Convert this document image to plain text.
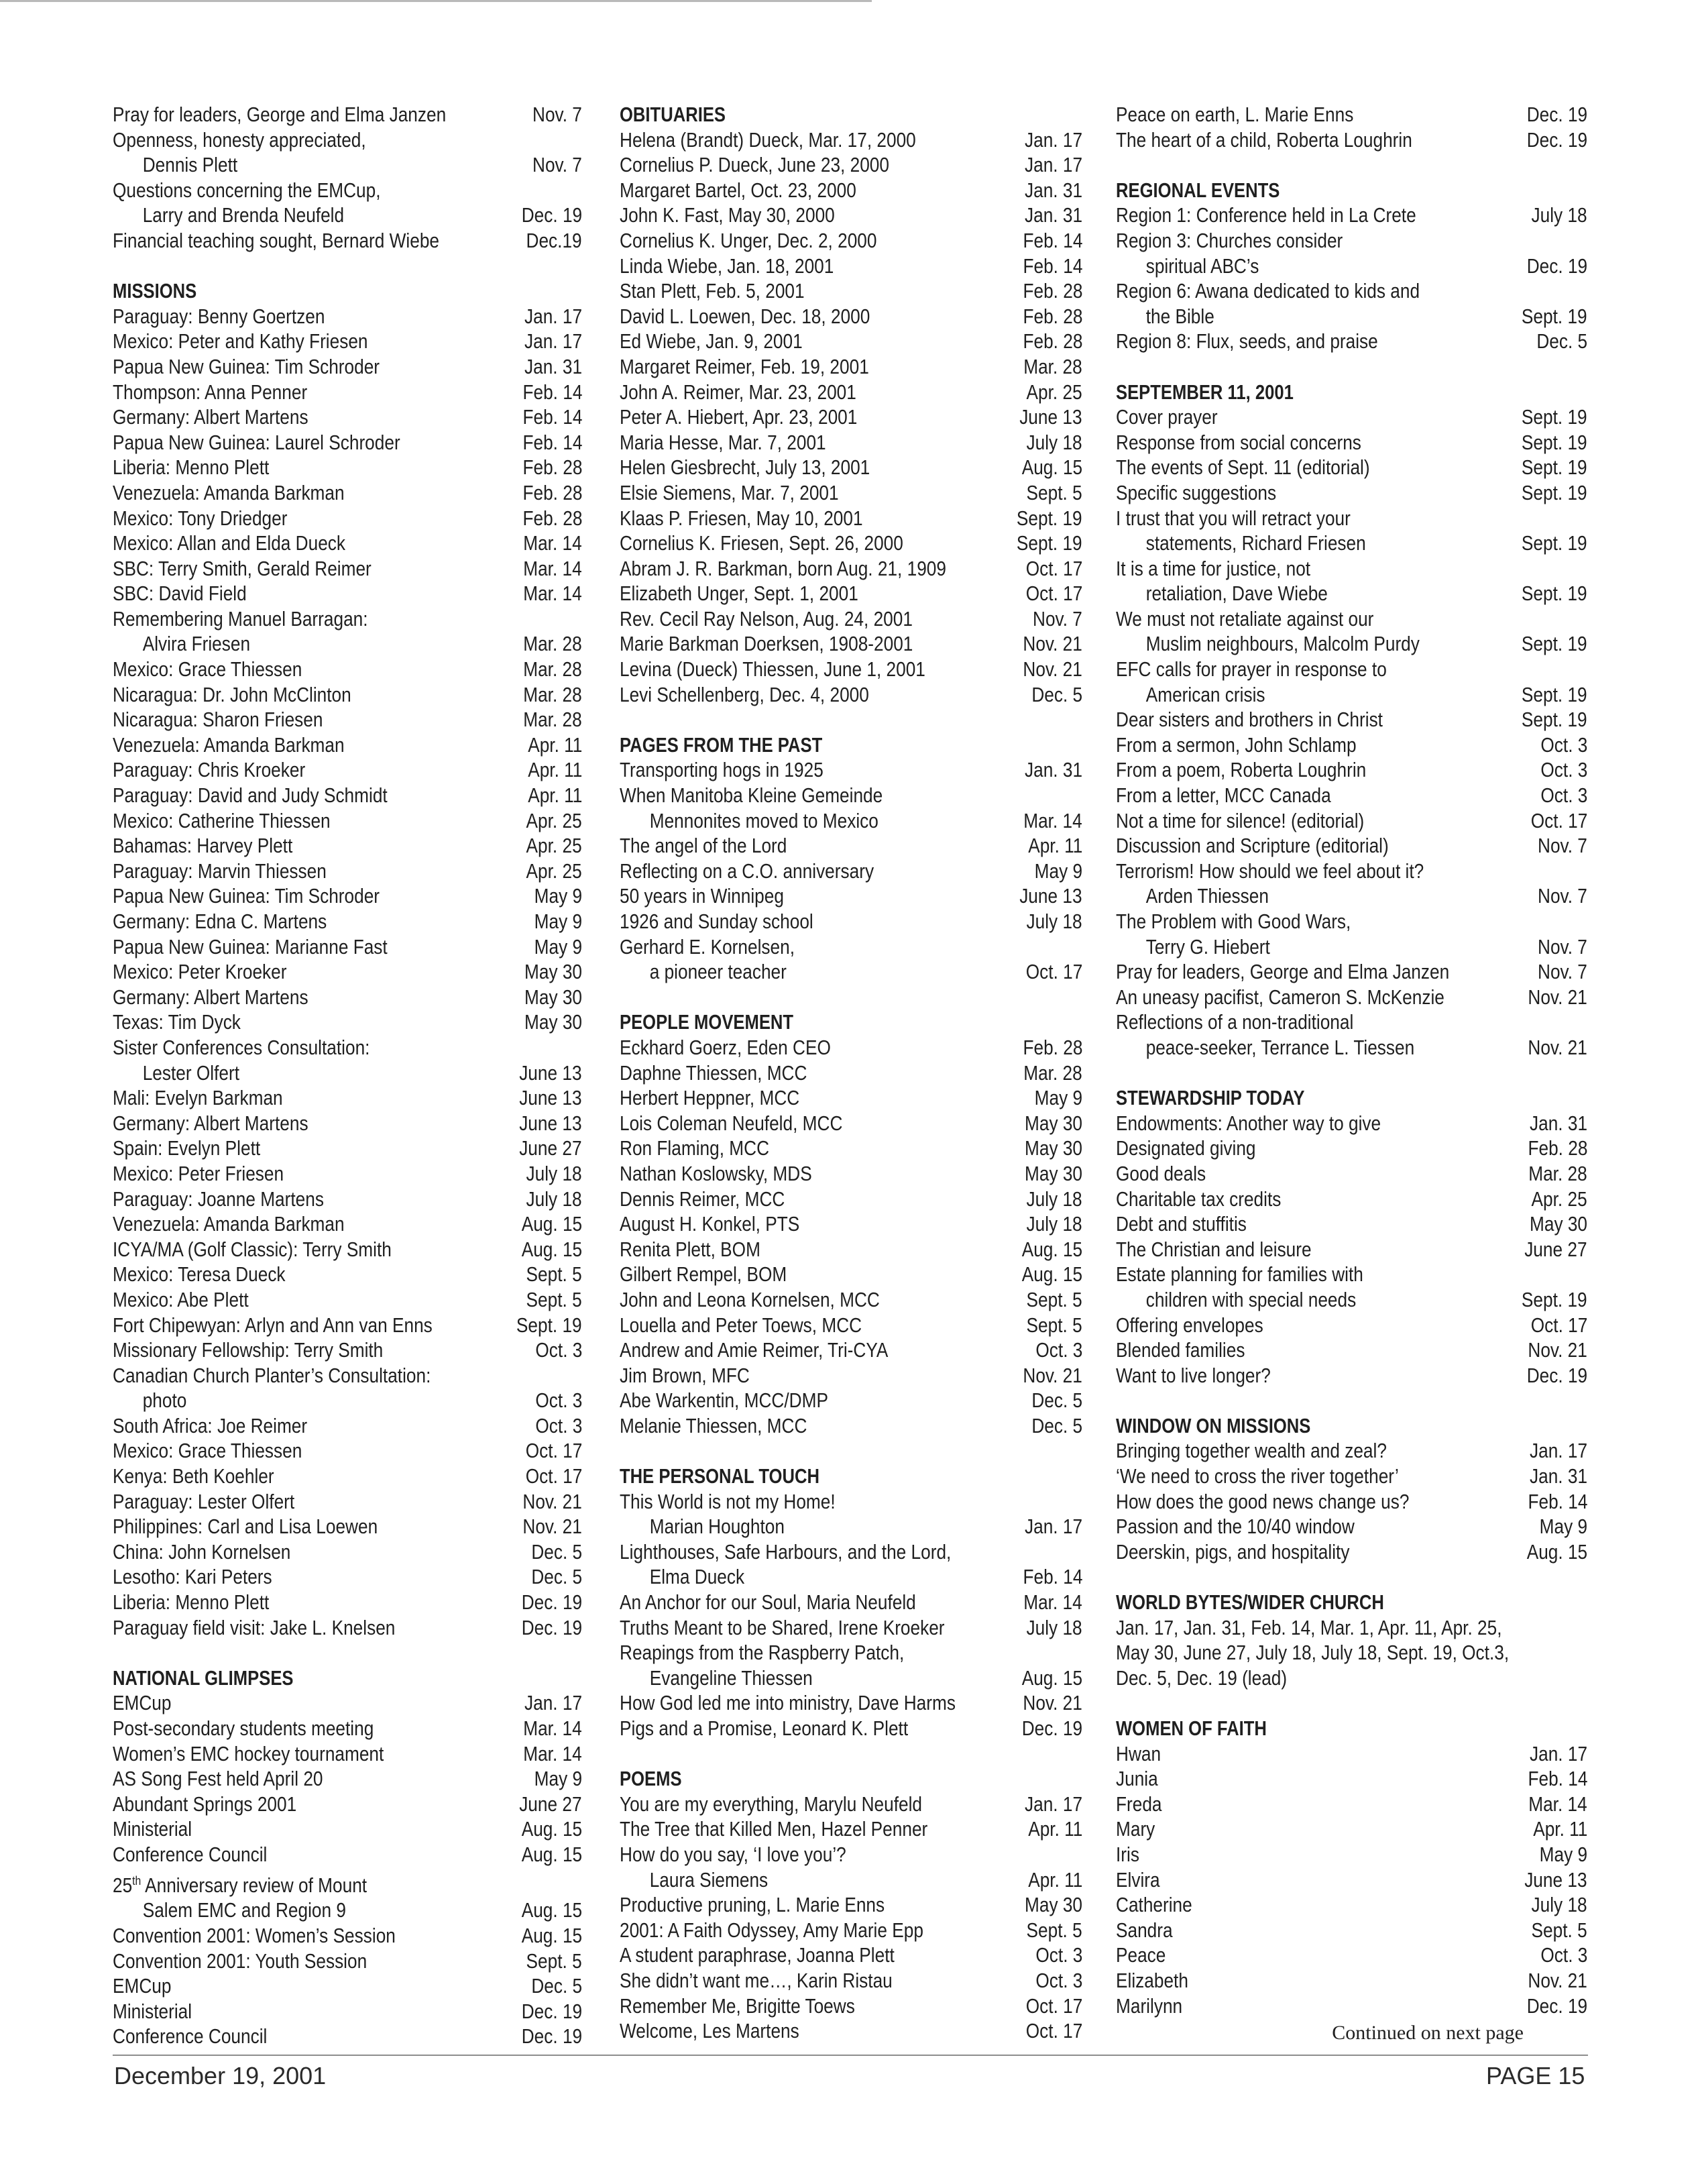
Pray for leaders, George and Elma Janzen	Nov. 7
Openness, honesty appreciated,
Dennis Plett	Nov. 7
Questions concerning the EMCup,
Larry and Brenda Neufeld	Dec. 19
Financial teaching sought, Bernard Wiebe	Dec.19
MISSIONS
Paraguay: Benny Goertzen	Jan. 17
Mexico: Peter and Kathy Friesen	Jan. 17
Papua New Guinea: Tim Schroder	Jan. 31
Thompson: Anna Penner	Feb. 14
Germany: Albert Martens	Feb. 14
Papua New Guinea: Laurel Schroder	Feb. 14
Liberia: Menno Plett	Feb. 28
Venezuela: Amanda Barkman	Feb. 28
Mexico: Tony Driedger	Feb. 28
Mexico: Allan and Elda Dueck	Mar. 14
SBC: Terry Smith, Gerald Reimer	Mar. 14
SBC: David Field	Mar. 14
Remembering Manuel Barragan:
Alvira Friesen	Mar. 28
Mexico: Grace Thiessen	Mar. 28
Nicaragua: Dr. John McClinton	Mar. 28
Nicaragua: Sharon Friesen	Mar. 28
Venezuela: Amanda Barkman	Apr. 11
Paraguay: Chris Kroeker	Apr. 11
Paraguay: David and Judy Schmidt	Apr. 11
Mexico: Catherine Thiessen	Apr. 25
Bahamas: Harvey Plett	Apr. 25
Paraguay: Marvin Thiessen	Apr. 25
Papua New Guinea: Tim Schroder	May 9
Germany: Edna C. Martens	May 9
Papua New Guinea: Marianne Fast	May 9
Mexico: Peter Kroeker	May 30
Germany: Albert Martens	May 30
Texas: Tim Dyck	May 30
Sister Conferences Consultation:
Lester Olfert	June 13
Mali: Evelyn Barkman	June 13
Germany: Albert Martens	June 13
Spain: Evelyn Plett	June 27
Mexico: Peter Friesen	July 18
Paraguay: Joanne Martens	July 18
Venezuela: Amanda Barkman	Aug. 15
ICYA/MA (Golf Classic): Terry Smith	Aug. 15
Mexico: Teresa Dueck	Sept. 5
Mexico: Abe Plett	Sept. 5
Fort Chipewyan: Arlyn and Ann van Enns	Sept. 19
Missionary Fellowship: Terry Smith	Oct. 3
Canadian Church Planter’s Consultation:
photo	Oct. 3
South Africa: Joe Reimer	Oct. 3
Mexico: Grace Thiessen	Oct. 17
Kenya: Beth Koehler	Oct. 17
Paraguay: Lester Olfert	Nov. 21
Philippines: Carl and Lisa Loewen	Nov. 21
China: John Kornelsen	Dec. 5
Lesotho: Kari Peters	Dec. 5
Liberia: Menno Plett	Dec. 19
Paraguay field visit: Jake L. Knelsen	Dec. 19
NATIONAL GLIMPSES
EMCup	Jan. 17
Post-secondary students meeting	Mar. 14
Women’s EMC hockey tournament	Mar. 14
AS Song Fest held April 20	May 9
Abundant Springs 2001	June 27
Ministerial	Aug. 15
Conference Council	Aug. 15
25th Anniversary review of Mount
Salem EMC and Region 9	Aug. 15
Convention 2001: Women’s Session	Aug. 15
Convention 2001: Youth Session	Sept. 5
EMCup	Dec. 5
Ministerial	Dec. 19
Conference Council	Dec. 19
OBITUARIES
Helena (Brandt) Dueck, Mar. 17, 2000	Jan. 17
Cornelius P. Dueck, June 23, 2000	Jan. 17
Margaret Bartel, Oct. 23, 2000	Jan. 31
John K. Fast, May 30, 2000	Jan. 31
Cornelius K. Unger, Dec. 2, 2000	Feb. 14
Linda Wiebe, Jan. 18, 2001	Feb. 14
Stan Plett, Feb. 5, 2001	Feb. 28
David L. Loewen, Dec. 18, 2000	Feb. 28
Ed Wiebe, Jan. 9, 2001	Feb. 28
Margaret Reimer, Feb. 19, 2001	Mar. 28
John A. Reimer, Mar. 23, 2001	Apr. 25
Peter A. Hiebert, Apr. 23, 2001	June 13
Maria Hesse, Mar. 7, 2001	July 18
Helen Giesbrecht, July 13, 2001	Aug. 15
Elsie Siemens, Mar. 7, 2001	Sept. 5
Klaas P. Friesen, May 10, 2001	Sept. 19
Cornelius K. Friesen, Sept. 26, 2000	Sept. 19
Abram J. R. Barkman, born Aug. 21, 1909	Oct. 17
Elizabeth Unger, Sept. 1, 2001	Oct. 17
Rev. Cecil Ray Nelson, Aug. 24, 2001	Nov. 7
Marie Barkman Doerksen, 1908-2001	Nov. 21
Levina (Dueck) Thiessen, June 1, 2001	Nov. 21
Levi Schellenberg, Dec. 4, 2000	Dec. 5
PAGES FROM THE PAST
Transporting hogs in 1925	Jan. 31
When Manitoba Kleine Gemeinde
Mennonites moved to Mexico	Mar. 14
The angel of the Lord	Apr. 11
Reflecting on a C.O. anniversary	May 9
50 years in Winnipeg	June 13
1926 and Sunday school	July 18
Gerhard E. Kornelsen,
a pioneer teacher	Oct. 17
PEOPLE MOVEMENT
Eckhard Goerz, Eden CEO	Feb. 28
Daphne Thiessen, MCC	Mar. 28
Herbert Heppner, MCC	May 9
Lois Coleman Neufeld, MCC	May 30
Ron Flaming, MCC	May 30
Nathan Koslowsky, MDS	May 30
Dennis Reimer, MCC	July 18
August H. Konkel, PTS	July 18
Renita Plett, BOM	Aug. 15
Gilbert Rempel, BOM	Aug. 15
John and Leona Kornelsen, MCC	Sept. 5
Louella and Peter Toews, MCC	Sept. 5
Andrew and Amie Reimer, Tri-CYA	Oct. 3
Jim Brown, MFC	Nov. 21
Abe Warkentin, MCC/DMP	Dec. 5
Melanie Thiessen, MCC	Dec. 5
THE PERSONAL TOUCH
This World is not my Home!
Marian Houghton	Jan. 17
Lighthouses, Safe Harbours, and the Lord,
Elma Dueck	Feb. 14
An Anchor for our Soul, Maria Neufeld	Mar. 14
Truths Meant to be Shared, Irene Kroeker	July 18
Reapings from the Raspberry Patch,
Evangeline Thiessen	Aug. 15
How God led me into ministry, Dave Harms	Nov. 21
Pigs and a Promise, Leonard K. Plett	Dec. 19
POEMS
You are my everything, Marylu Neufeld	Jan. 17
The Tree that Killed Men, Hazel Penner	Apr. 11
How do you say, ‘I love you’?
Laura Siemens	Apr. 11
Productive pruning, L. Marie Enns	May 30
2001: A Faith Odyssey, Amy Marie Epp	Sept. 5
A student paraphrase, Joanna Plett	Oct. 3
She didn’t want me…, Karin Ristau	Oct. 3
Remember Me, Brigitte Toews	Oct. 17
Welcome, Les Martens	Oct. 17
Peace on earth, L. Marie Enns	Dec. 19
The heart of a child, Roberta Loughrin	Dec. 19
REGIONAL EVENTS
Region 1: Conference held in La Crete	July 18
Region 3: Churches consider
spiritual ABC’s	Dec. 19
Region 6: Awana dedicated to kids and
the Bible	Sept. 19
Region 8: Flux, seeds, and praise	Dec. 5
SEPTEMBER 11, 2001
Cover prayer	Sept. 19
Response from social concerns	Sept. 19
The events of Sept. 11 (editorial)	Sept. 19
Specific suggestions	Sept. 19
I trust that you will retract your
statements, Richard Friesen	Sept. 19
It is a time for justice, not
retaliation, Dave Wiebe	Sept. 19
We must not retaliate against our
Muslim neighbours, Malcolm Purdy	Sept. 19
EFC calls for prayer in response to
American crisis	Sept. 19
Dear sisters and brothers in Christ	Sept. 19
From a sermon, John Schlamp	Oct. 3
From a poem, Roberta Loughrin	Oct. 3
From a letter, MCC Canada	Oct. 3
Not a time for silence! (editorial)	Oct. 17
Discussion and Scripture (editorial)	Nov. 7
Terrorism! How should we feel about it?
Arden Thiessen	Nov. 7
The Problem with Good Wars,
Terry G. Hiebert	Nov. 7
Pray for leaders, George and Elma Janzen	Nov. 7
An uneasy pacifist, Cameron S. McKenzie	Nov. 21
Reflections of a non-traditional
peace-seeker, Terrance L. Tiessen	Nov. 21
STEWARDSHIP TODAY
Endowments: Another way to give	Jan. 31
Designated giving	Feb. 28
Good deals	Mar. 28
Charitable tax credits	Apr. 25
Debt and stuffitis	May 30
The Christian and leisure	June 27
Estate planning for families with
children with special needs	Sept. 19
Offering envelopes	Oct. 17
Blended families	Nov. 21
Want to live longer?	Dec. 19
WINDOW ON MISSIONS
Bringing together wealth and zeal?	Jan. 17
‘We need to cross the river together’	Jan. 31
How does the good news change us?	Feb. 14
Passion and the 10/40 window	May 9
Deerskin, pigs, and hospitality	Aug. 15
WORLD BYTES/WIDER CHURCH
Jan. 17, Jan. 31, Feb. 14, Mar. 1, Apr. 11, Apr. 25,
May 30, June 27, July 18, July 18, Sept. 19, Oct.3,
Dec. 5, Dec. 19 (lead)
WOMEN OF FAITH
Hwan	Jan. 17
Junia	Feb. 14
Freda	Mar. 14
Mary	Apr. 11
Iris	May 9
Elvira	June 13
Catherine	July 18
Sandra	Sept. 5
Peace	Oct. 3
Elizabeth	Nov. 21
Marilynn	Dec. 19
Continued on next page
December 19, 2001	PAGE 15
